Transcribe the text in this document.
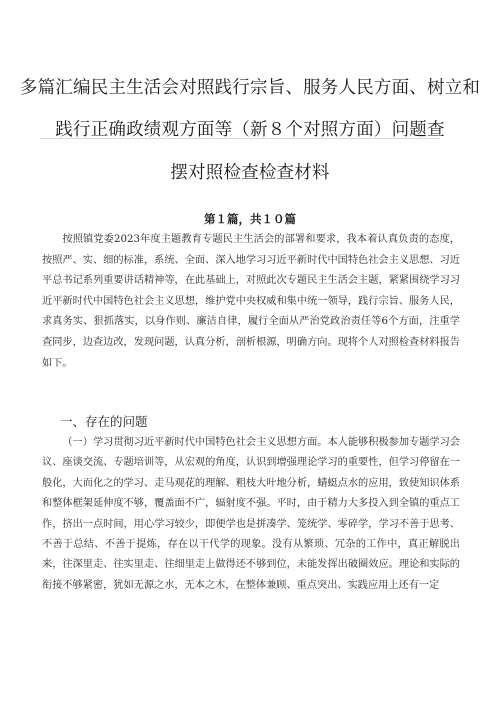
多篇汇编民主生活会对照践行宗旨、服务人民方面、树立和
践行正确政绩观方面等（新８个对照方面）问题查
摆对照检查检查材料
第１篇，共１０篇

按照镇党委2023年度主题教育专题民主生活会的部署和要求，我本着认真负责的态度，按照严、实、细的标准，系统、全面、深入地学习习近平新时代中国特色社会主义思想、习近平总书记系列重要讲话精神等，在此基础上，对照此次专题民主生活会主题，紧紧围绕学习习近平新时代中国特色社会主义思想，维护党中央权威和集中统一领导，践行宗旨、服务人民，求真务实、狠抓落实，以身作则、廉洁自律，履行全面从严治党政治责任等6个方面，注重学查同步，边查边改，发现问题，认真分析，剖析根源，明确方向。现将个人对照检查材料报告如下。

一、存在的问题

（一）学习贯彻习近平新时代中国特色社会主义思想方面。本人能够积极参加专题学习会议、座谈交流、专题培训等，从宏观的角度，认识到增强理论学习的重要性，但学习停留在一般化，大而化之的学习、走马观花的理解、粗枝大叶地分析，蜻蜓点水的应用，致使知识体系和整体框架延伸度不够，覆盖面不广，辐射度不强。平时，由于精力大多投入到全镇的重点工作，挤出一点时间，用心学习较少，即便学也是拼凑学、笼统学、零碎学，学习不善于思考、不善于总结、不善于提炼，存在以干代学的现象。没有从繁琐、冗杂的工作中，真正解脱出来，往深里走、往实里走、往细里走上做得还不够到位，未能发挥出破圈效应。理论和实际的衔接不够紧密，犹如无源之水，无本之木，在整体兼顾、重点突出、实践应用上还有一定
